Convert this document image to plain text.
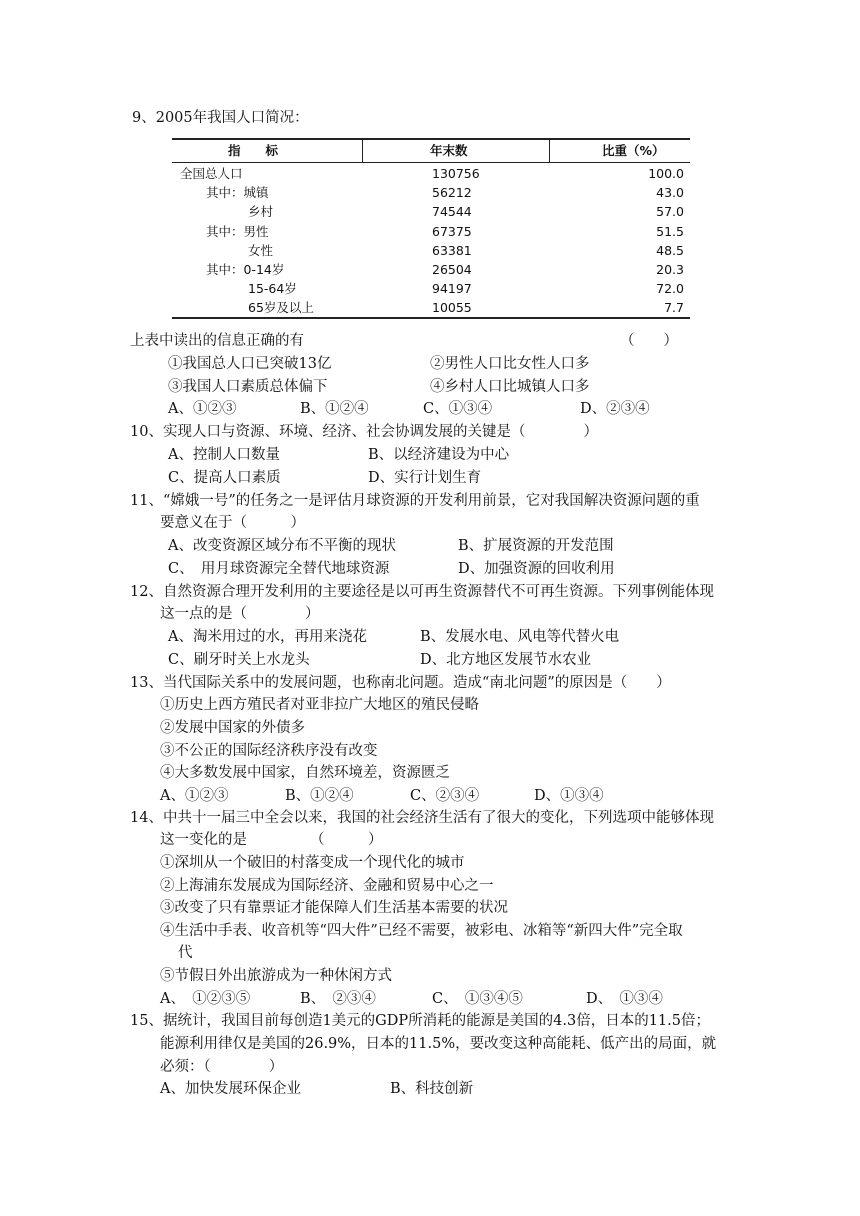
9、2005年我国人口简况：
指　　标	年末数	比重（%）
全国总人口	130756	100.0
其中：城镇	56212	43.0
乡村	74544	57.0
其中：男性	67375	51.5
女性	63381	48.5
其中：0-14岁	26504	20.3
15-64岁	94197	72.0
65岁及以上	10055	7.7
上表中读出的信息正确的有	（　　）
①我国总人口已突破13亿	②男性人口比女性人口多
③我国人口素质总体偏下	④乡村人口比城镇人口多
A、①②③	B、①②④	C、①③④	D、②③④
10、实现人口与资源、环境、经济、社会协调发展的关键是（　　　　）
A、控制人口数量	B、以经济建设为中心
C、提高人口素质	D、实行计划生育
11、“嫦娥一号”的任务之一是评估月球资源的开发利用前景，它对我国解决资源问题的重
要意义在于（　　　）
A、改变资源区域分布不平衡的现状	B、扩展资源的开发范围
C、　用月球资源完全替代地球资源	D、加强资源的回收利用
12、自然资源合理开发利用的主要途径是以可再生资源替代不可再生资源。下列事例能体现
这一点的是（　　　　）
A、淘米用过的水，再用来浇花	B、发展水电、风电等代替火电
C、刷牙时关上水龙头	D、北方地区发展节水农业
13、当代国际关系中的发展问题，也称南北问题。造成“南北问题”的原因是（　　）
①历史上西方殖民者对亚非拉广大地区的殖民侵略
②发展中国家的外债多
③不公正的国际经济秩序没有改变
④大多数发展中国家，自然环境差，资源匮乏
A、①②③	B、①②④	C、②③④	D、①③④
14、中共十一届三中全会以来，我国的社会经济生活有了很大的变化，下列选项中能够体现
这一变化的是	（　　　）
①深圳从一个破旧的村落变成一个现代化的城市
②上海浦东发展成为国际经济、金融和贸易中心之一
③改变了只有靠票证才能保障人们生活基本需要的状况
④生活中手表、收音机等“四大件”已经不需要，被彩电、冰箱等“新四大件”完全取
代
⑤节假日外出旅游成为一种休闲方式
A、　①②③⑤	B、　②③④	C、　①③④⑤	D、　①③④
15、据统计，我国目前每创造1美元的GDP所消耗的能源是美国的4.3倍，日本的11.5倍；
能源利用律仅是美国的26.9%，日本的11.5%，要改变这种高能耗、低产出的局面，就
必须：（　　　　）
A、加快发展环保企业	B、科技创新
